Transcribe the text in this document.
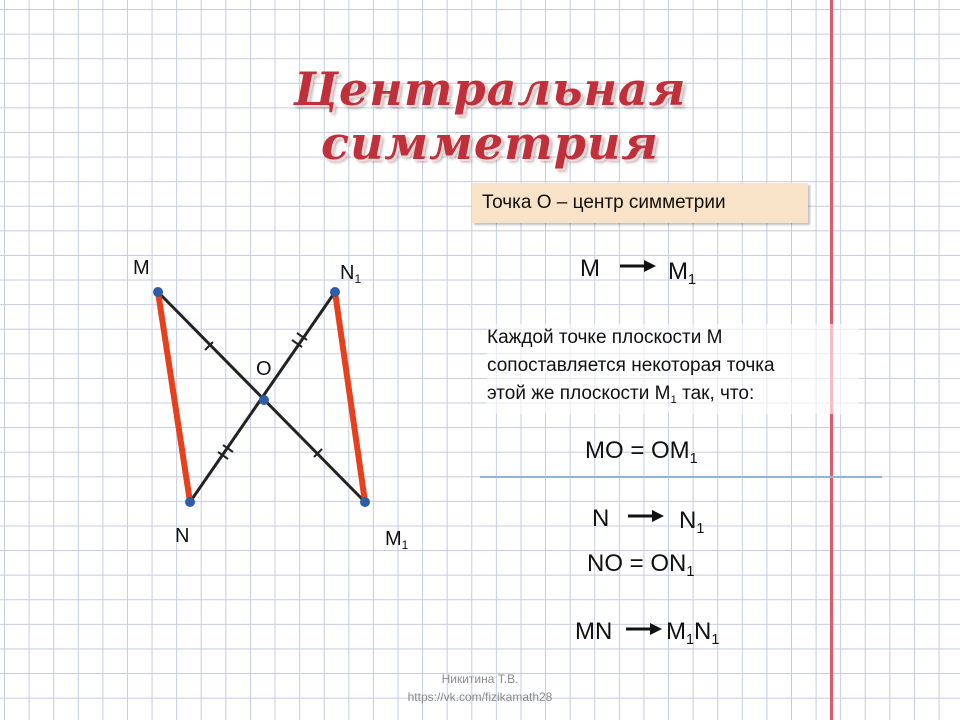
Центральная симметрия
Точка О – центр симметрии
M	$N_1$
O
N	$M_1$
M	$M_1$
Каждой точке плоскости М
сопоставляется некоторая точка
этой же плоскости $М_1$ так, что:
MO = $OM_1$
N	$N_1$
NO = $ON_1$
MN $M_1N_1$
Никитина Т.В.
https://vk.com/fizikamath28
